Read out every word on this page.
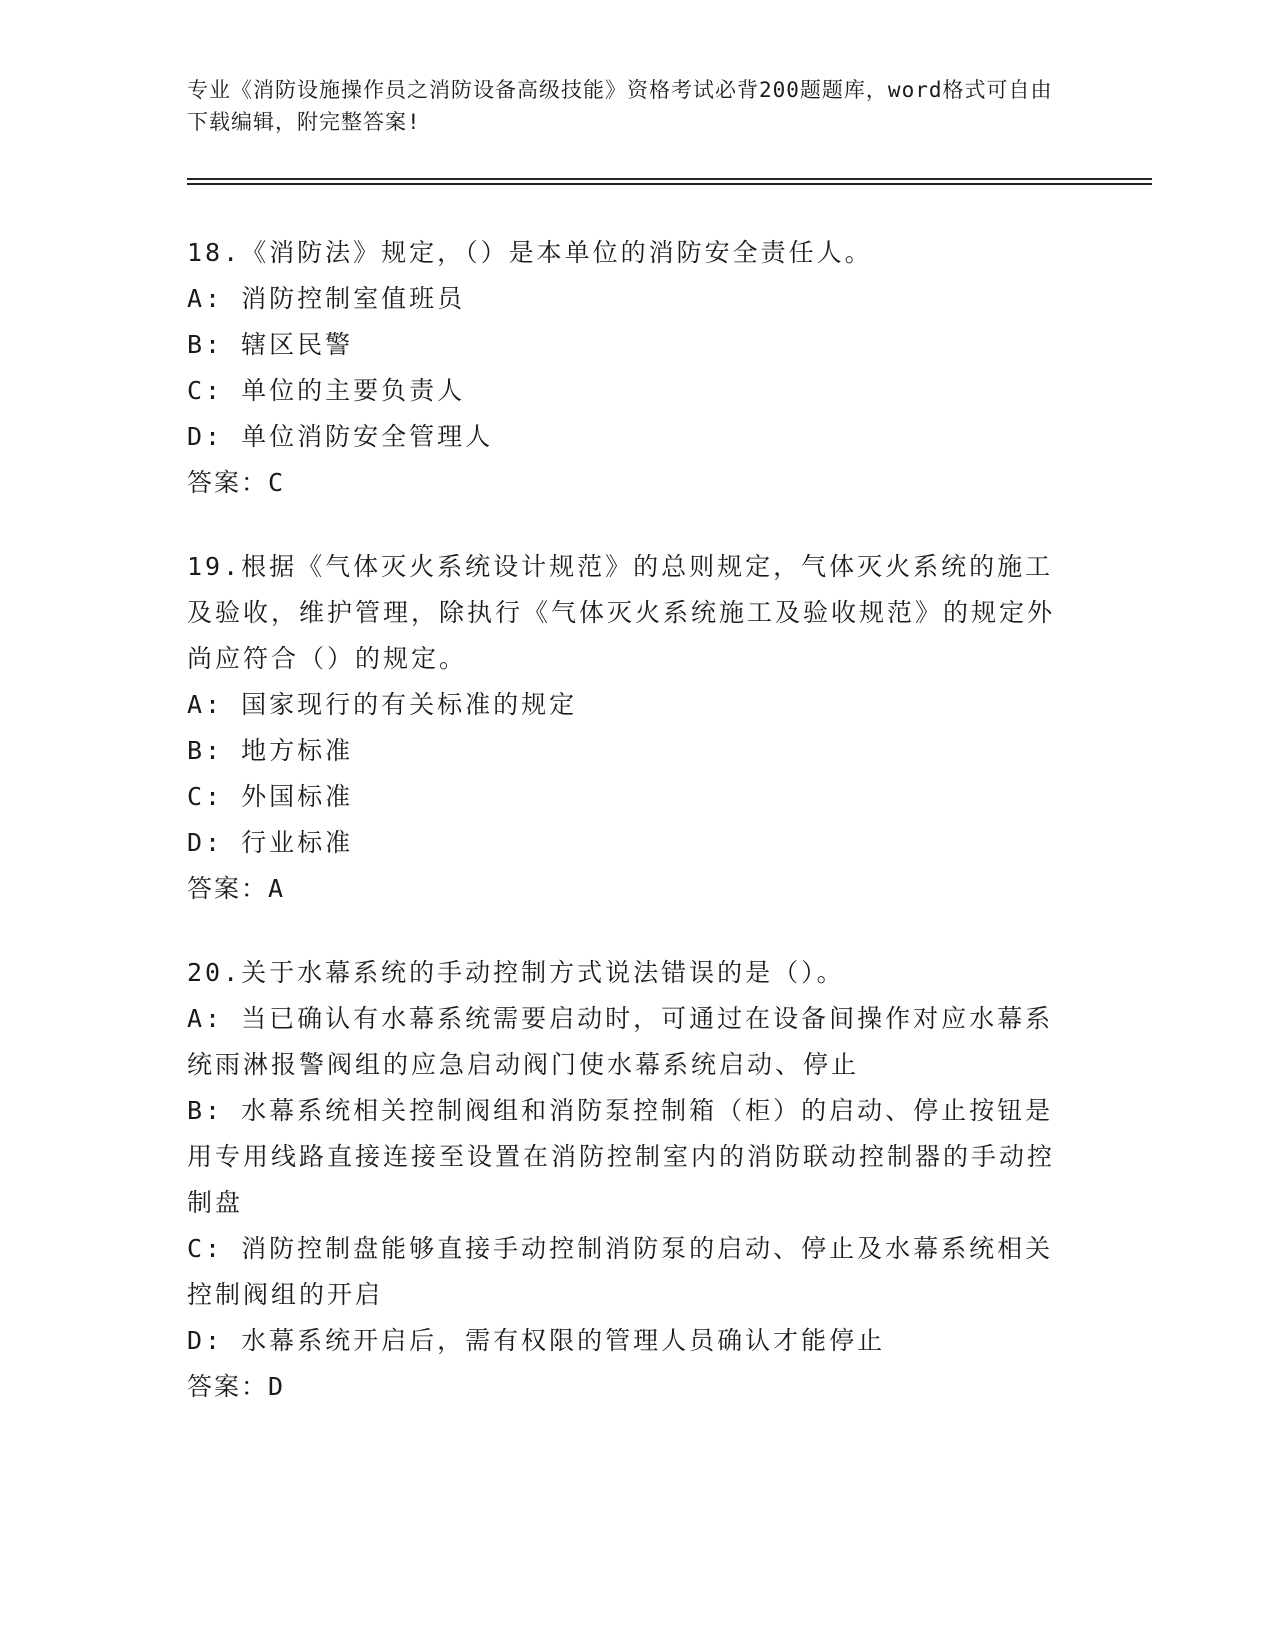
专业《消防设施操作员之消防设备高级技能》资格考试必背200题题库，word格式可自由下载编辑，附完整答案!

18.《消防法》规定，（）是本单位的消防安全责任人。

A: 消防控制室值班员

B: 辖区民警

C: 单位的主要负责人

D: 单位消防安全管理人

答案：C

19.根据《气体灭火系统设计规范》的总则规定，气体灭火系统的施工及验收，维护管理，除执行《气体灭火系统施工及验收规范》的规定外尚应符合（）的规定。

A: 国家现行的有关标准的规定

B: 地方标准

C: 外国标准

D: 行业标准

答案：A

20.关于水幕系统的手动控制方式说法错误的是（）。

A: 当已确认有水幕系统需要启动时，可通过在设备间操作对应水幕系统雨淋报警阀组的应急启动阀门使水幕系统启动、停止

B: 水幕系统相关控制阀组和消防泵控制箱（柜）的启动、停止按钮是用专用线路直接连接至设置在消防控制室内的消防联动控制器的手动控制盘

C: 消防控制盘能够直接手动控制消防泵的启动、停止及水幕系统相关控制阀组的开启

D: 水幕系统开启后，需有权限的管理人员确认才能停止

答案：D
